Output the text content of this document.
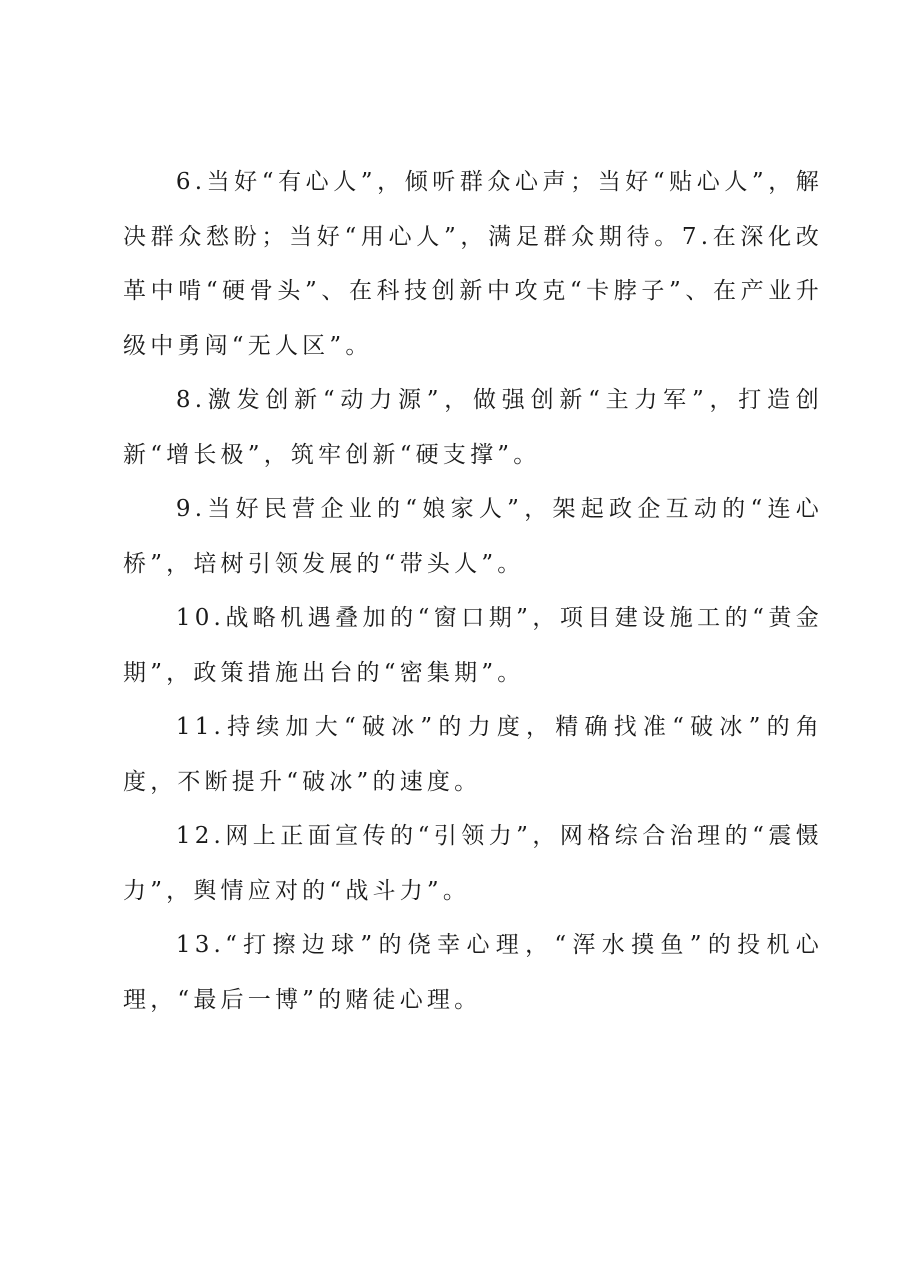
6.当好“有心人”，倾听群众心声；当好“贴心人”，解决群众愁盼；当好“用心人”，满足群众期待。7.在深化改革中啃“硬骨头”、在科技创新中攻克“卡脖子”、在产业升级中勇闯“无人区”。

8.激发创新“动力源”，做强创新“主力军”，打造创新“增长极”，筑牢创新“硬支撑”。

9.当好民营企业的“娘家人”，架起政企互动的“连心桥”，培树引领发展的“带头人”。

10.战略机遇叠加的“窗口期”，项目建设施工的“黄金期”，政策措施出台的“密集期”。

11.持续加大“破冰”的力度，精确找准“破冰”的角度，不断提升“破冰”的速度。

12.网上正面宣传的“引领力”，网格综合治理的“震慑力”，舆情应对的“战斗力”。

13.“打擦边球”的侥幸心理，“浑水摸鱼”的投机心理，“最后一博”的赌徒心理。
